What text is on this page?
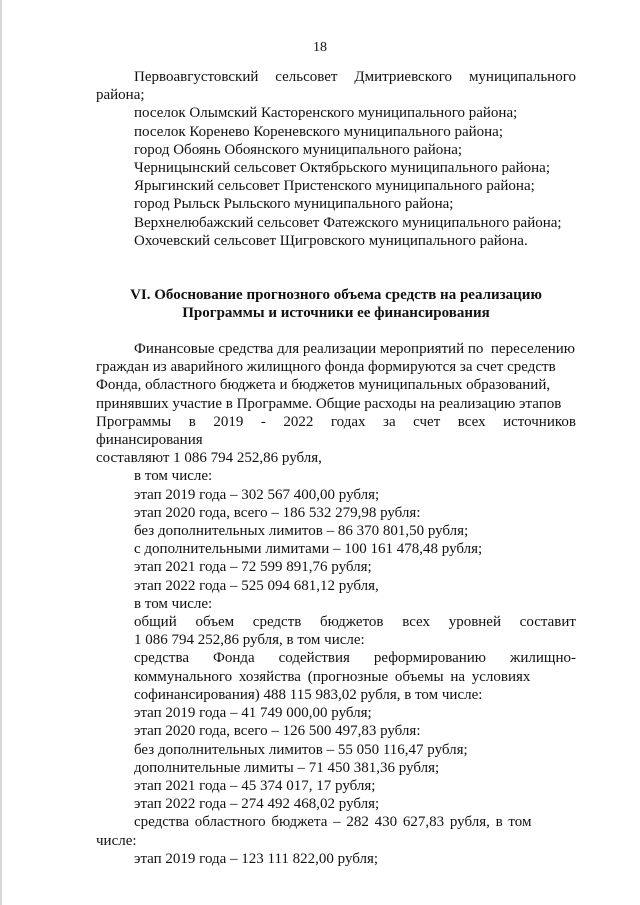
18
Первоавгустовский сельсовет Дмитриевского муниципального
района;
поселок Олымский Касторенского муниципального района;
поселок Кореневo Кореневского муниципального района;
город Обоянь Обоянского муниципального района;
Черницынский сельсовет Октябрьского муниципального района;
Ярыгинский сельсовет Пристенского муниципального района;
город Рыльск Рыльского муниципального района;
Верхнелюбажский сельсовет Фатежского муниципального района;
Охочевский сельсовет Щигровского муниципального района.
VI. Обоснование прогнозного объема средств на реализацию
Программы и источники ее финансирования
Финансовые средства для реализации мероприятий по  переселению
граждан из аварийного жилищного фонда формируются за счет средств
Фонда, областного бюджета и бюджетов муниципальных образований,
принявших участие в Программе. Общие расходы на реализацию этапов
Программы в 2019 - 2022 годах за счет всех источников
финансирования
составляют 1 086 794 252,86 рубля,
в том числе:
этап 2019 года – 302 567 400,00 рубля;
этап 2020 года, всего – 186 532 279,98 рубля:
без дополнительных лимитов – 86 370 801,50 рубля;
с дополнительными лимитами – 100 161 478,48 рубля;
этап 2021 года – 72 599 891,76 рубля;
этап 2022 года – 525 094 681,12 рубля,
в том числе:
общий объем средств бюджетов всех уровней составит
1 086 794 252,86 рубля, в том числе:
средства Фонда содействия реформированию жилищно-
коммунального хозяйства (прогнозные объемы на условиях
софинансирования) 488 115 983,02 рубля, в том числе:
этап 2019 года – 41 749 000,00 рубля;
этап 2020 года, всего – 126 500 497,83 рубля:
без дополнительных лимитов – 55 050 116,47 рубля;
дополнительные лимиты – 71 450 381,36 рубля;
этап 2021 года – 45 374 017, 17 рубля;
этап 2022 года – 274 492 468,02 рубля;
средства областного бюджета – 282 430 627,83 рубля, в том
числе:
этап 2019 года – 123 111 822,00 рубля;
